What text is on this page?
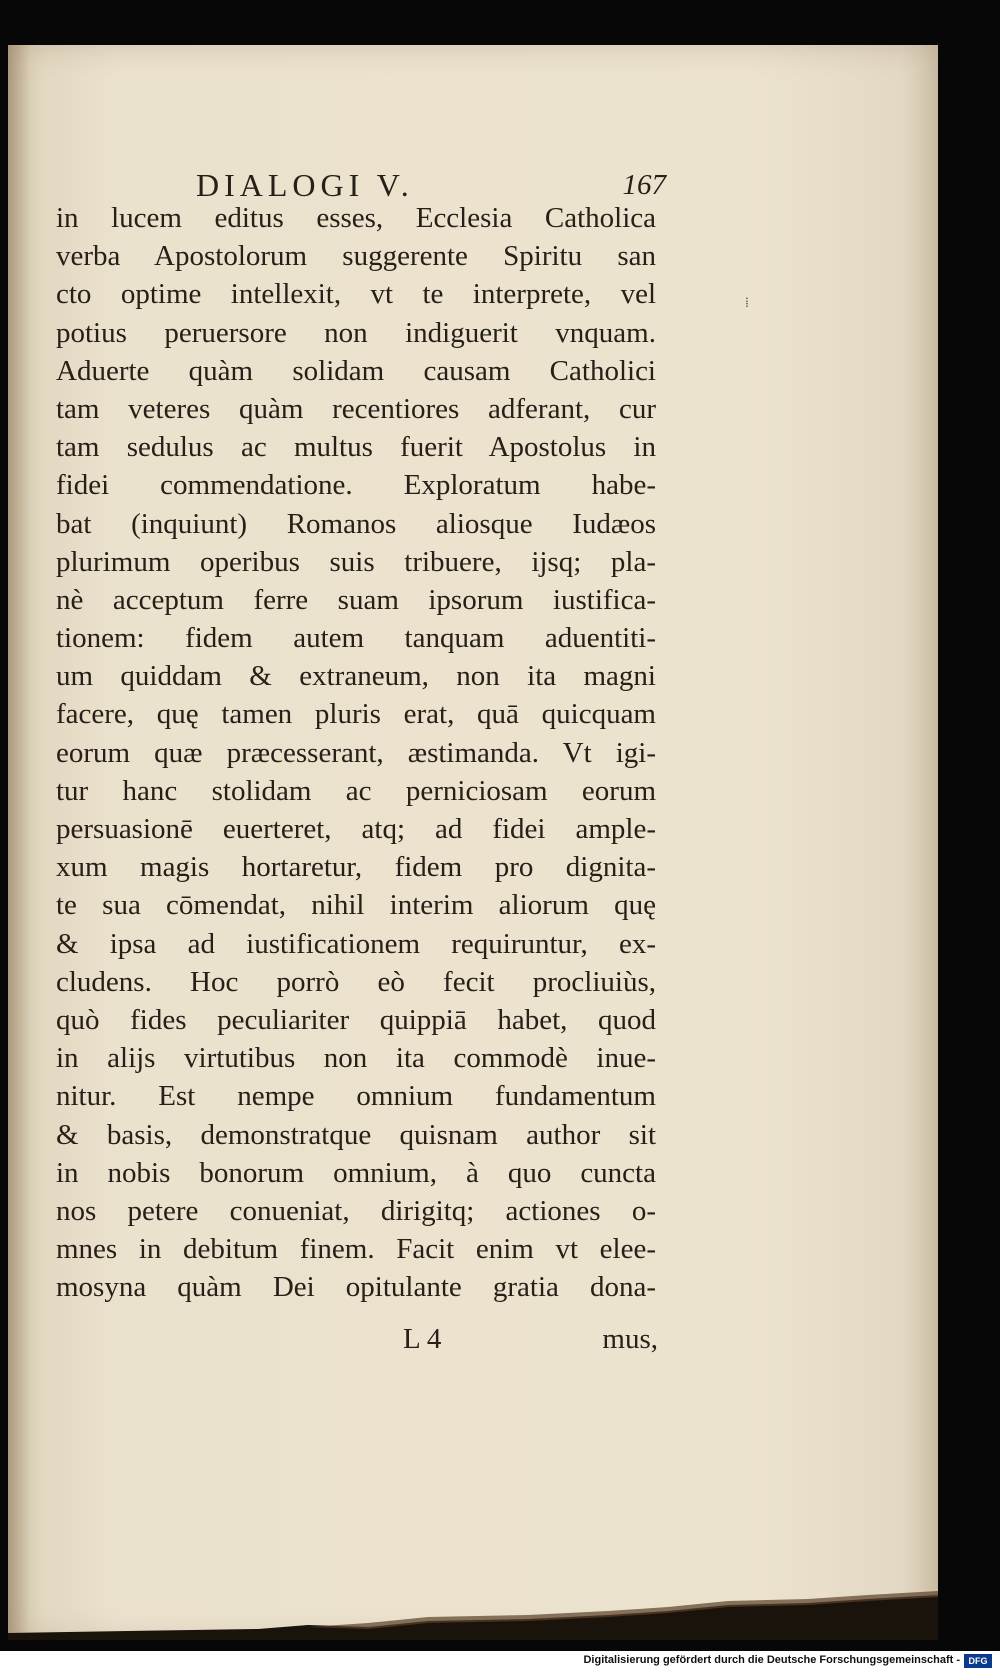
DIALOGI V.	167
in lucem editus esses, Ecclesia Catholica
verba Apostolorum suggerente Spiritu san
cto optime intellexit, vt te interprete, vel
potius peruersore non indiguerit vnquam.
Aduerte quàm solidam causam Catholici
tam veteres quàm recentiores adferant, cur
tam sedulus ac multus fuerit Apostolus in
fidei commendatione. Exploratum habe-
bat (inquiunt) Romanos aliosque Iudæos
plurimum operibus suis tribuere, ijsq; pla-
nè acceptum ferre suam ipsorum iustifica-
tionem: fidem autem tanquam aduentiti-
um quiddam & extraneum, non ita magni
facere, quę tamen pluris erat, quā quicquam
eorum quæ præcesserant, æstimanda. Vt igi-
tur hanc stolidam ac perniciosam eorum
persuasionē euerteret, atq; ad fidei ample-
xum magis hortaretur, fidem pro dignita-
te sua cōmendat, nihil interim aliorum quę
& ipsa ad iustificationem requiruntur, ex-
cludens. Hoc porrò eò fecit procliuiùs,
quò fides peculiariter quippiā habet, quod
in alijs virtutibus non ita commodè inue-
nitur. Est nempe omnium fundamentum
& basis, demonstratque quisnam author sit
in nobis bonorum omnium, à quo cuncta
nos petere conueniat, dirigitq; actiones o-
mnes in debitum finem. Facit enim vt elee-
mosyna quàm Dei opitulante gratia dona-
L 4	mus,
⁞
Digitalisierung gefördert durch die Deutsche Forschungsgemeinschaft - DFG
